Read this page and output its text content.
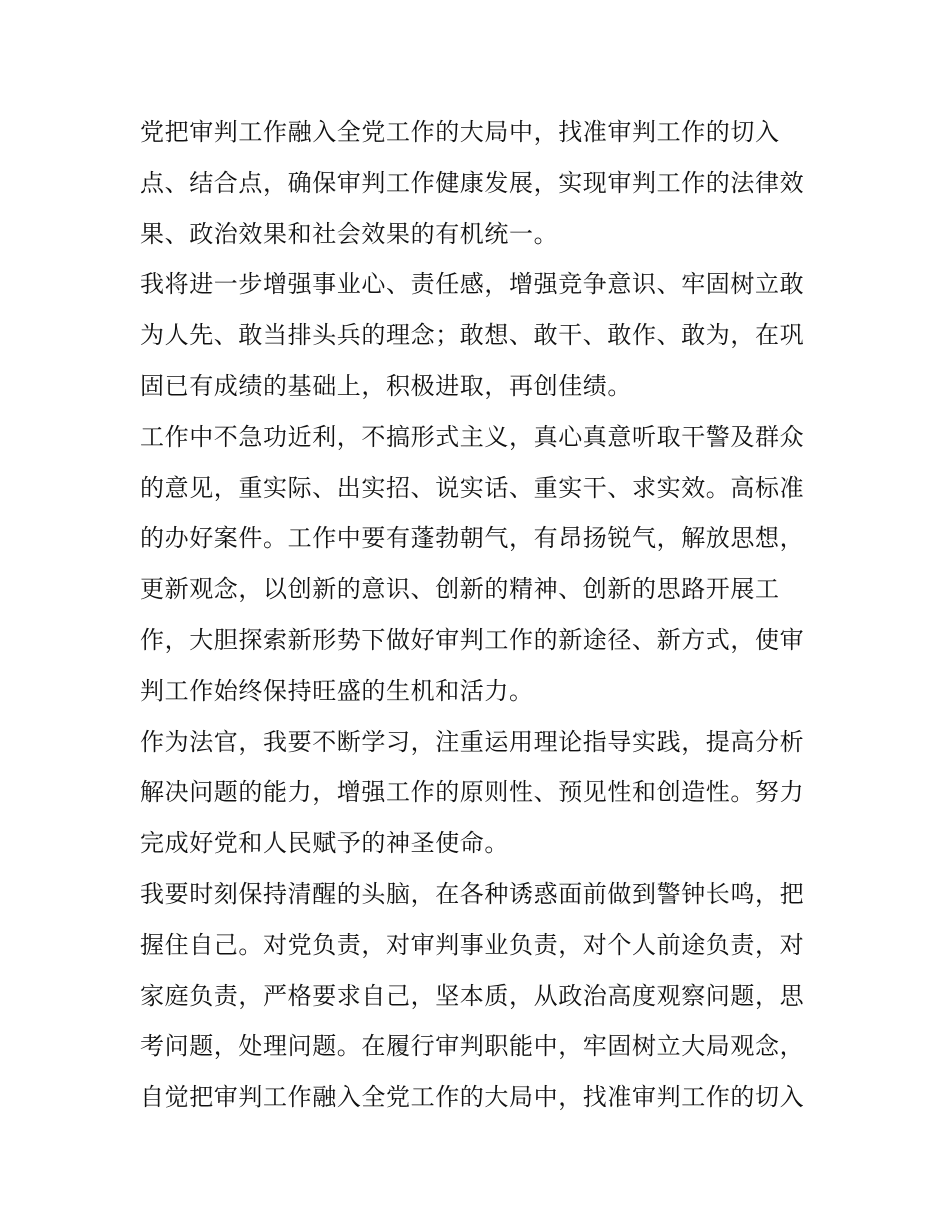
党把审判工作融入全党工作的大局中，找准审判工作的切入
点、结合点，确保审判工作健康发展，实现审判工作的法律效
果、政治效果和社会效果的有机统一。

我将进一步增强事业心、责任感，增强竞争意识、牢固树立敢
为人先、敢当排头兵的理念；敢想、敢干、敢作、敢为，在巩
固已有成绩的基础上，积极进取，再创佳绩。

工作中不急功近利，不搞形式主义，真心真意听取干警及群众
的意见，重实际、出实招、说实话、重实干、求实效。高标准
的办好案件。工作中要有蓬勃朝气，有昂扬锐气，解放思想，
更新观念，以创新的意识、创新的精神、创新的思路开展工
作，大胆探索新形势下做好审判工作的新途径、新方式，使审
判工作始终保持旺盛的生机和活力。

作为法官，我要不断学习，注重运用理论指导实践，提高分析
解决问题的能力，增强工作的原则性、预见性和创造性。努力
完成好党和人民赋予的神圣使命。

我要时刻保持清醒的头脑，在各种诱惑面前做到警钟长鸣，把
握住自己。对党负责，对审判事业负责，对个人前途负责，对
家庭负责，严格要求自己，坚本质，从政治高度观察问题，思
考问题，处理问题。在履行审判职能中，牢固树立大局观念，
自觉把审判工作融入全党工作的大局中，找准审判工作的切入
